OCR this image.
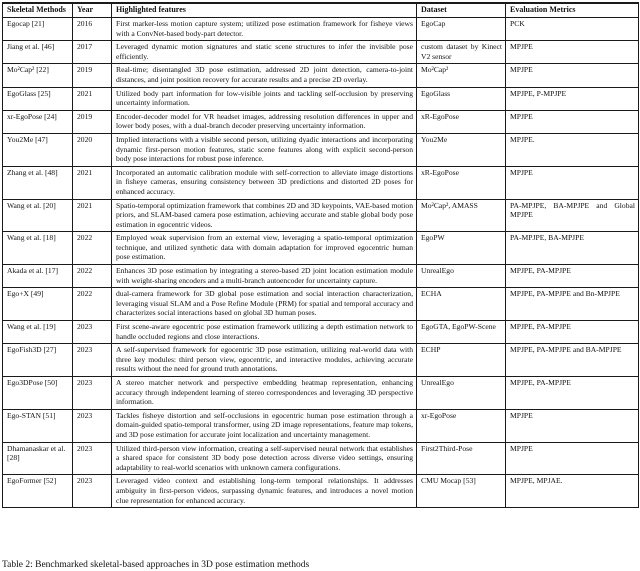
Skeletal Methods	Year	Highlighted features	Dataset	Evaluation Metrics
Egocap [21]	2016	First marker-less motion capture system; utilized pose estimation framework for fisheye views with a ConvNet-based body-part detector.	EgoCap	PCK
Jiang et al. [46]	2017	Leveraged dynamic motion signatures and static scene structures to infer the invisible pose efficiently.	custom dataset by Kinect V2 sensor	MPJPE
Mo²Cap² [22]	2019	Real-time; disentangled 3D pose estimation, addressed 2D joint detection, camera-to-joint distances, and joint position recovery for accurate results and a precise 2D overlay.	Mo²Cap²	MPJPE
EgoGlass [25]	2021	Utilized body part information for low-visible joints and tackling self-occlusion by preserving uncertainty information.	EgoGlass	MPJPE, P-MPJPE
xr-EgoPose [24]	2019	Encoder-decoder model for VR headset images, addressing resolution differences in upper and lower body poses, with a dual-branch decoder preserving uncertainty information.	xR-EgoPose	MPJPE
You2Me [47]	2020	Implied interactions with a visible second person, utilizing dyadic interactions and incorporating dynamic first-person motion features, static scene features along with explicit second-person body pose interactions for robust pose inference.	You2Me	MPJPE.
Zhang et al. [48]	2021	Incorporated an automatic calibration module with self-correction to alleviate image distortions in fisheye cameras, ensuring consistency between 3D predictions and distorted 2D poses for enhanced accuracy.	xR-EgoPose	MPJPE
Wang et al. [20]	2021	Spatio-temporal optimization framework that combines 2D and 3D keypoints, VAE-based motion priors, and SLAM-based camera pose estimation, achieving accurate and stable global body pose estimation in egocentric videos.	Mo²Cap², AMASS	PA-MPJPE, BA-MPJPE and Global MPJPE
Wang et al. [18]	2022	Employed weak supervision from an external view, leveraging a spatio-temporal optimization technique, and utilized synthetic data with domain adaptation for improved egocentric human pose estimation.	EgoPW	PA-MPJPE, BA-MPJPE
Akada et al. [17]	2022	Enhances 3D pose estimation by integrating a stereo-based 2D joint location estimation module with weight-sharing encoders and a multi-branch autoencoder for uncertainty capture.	UnrealEgo	MPJPE, PA-MPJPE
Ego+X [49]	2022	dual-camera framework for 3D global pose estimation and social interaction characterization, leveraging visual SLAM and a Pose Refine Module (PRM) for spatial and temporal accuracy and characterizes social interactions based on global 3D human poses.	ECHA	MPJPE, PA-MPJPE and Bn-MPJPE
Wang et al. [19]	2023	First scene-aware egocentric pose estimation framework utilizing a depth estimation network to handle occluded regions and close interactions.	EgoGTA, EgoPW-Scene	MPJPE, PA-MPJPE
EgoFish3D [27]	2023	A self-supervised framework for egocentric 3D pose estimation, utilizing real-world data with three key modules: third person view, egocentric, and interactive modules, achieving accurate results without the need for ground truth annotations.	ECHP	MPJPE, PA-MPJPE and BA-MPJPE
Ego3DPose [50]	2023	A stereo matcher network and perspective embedding heatmap representation, enhancing accuracy through independent learning of stereo correspondences and leveraging 3D perspective information.	UnrealEgo	MPJPE, PA-MPJPE
Ego-STAN [51]	2023	Tackles fisheye distortion and self-occlusions in egocentric human pose estimation through a domain-guided spatio-temporal transformer, using 2D image representations, feature map tokens, and 3D pose estimation for accurate joint localization and uncertainty management.	xr-EgoPose	MPJPE
Dhamanaskar et al. [28]	2023	Utilized third-person view information, creating a self-supervised neural network that establishes a shared space for consistent 3D body pose detection across diverse video settings, ensuring adaptability to real-world scenarios with unknown camera configurations.	First2Third-Pose	MPJPE
EgoFormer [52]	2023	Leveraged video context and establishing long-term temporal relationships. It addresses ambiguity in first-person videos, surpassing dynamic features, and introduces a novel motion clue representation for enhanced accuracy.	CMU Mocap [53]	MPJPE, MPJAE.
Table 2: Benchmarked skeletal-based approaches in 3D pose estimation methods
